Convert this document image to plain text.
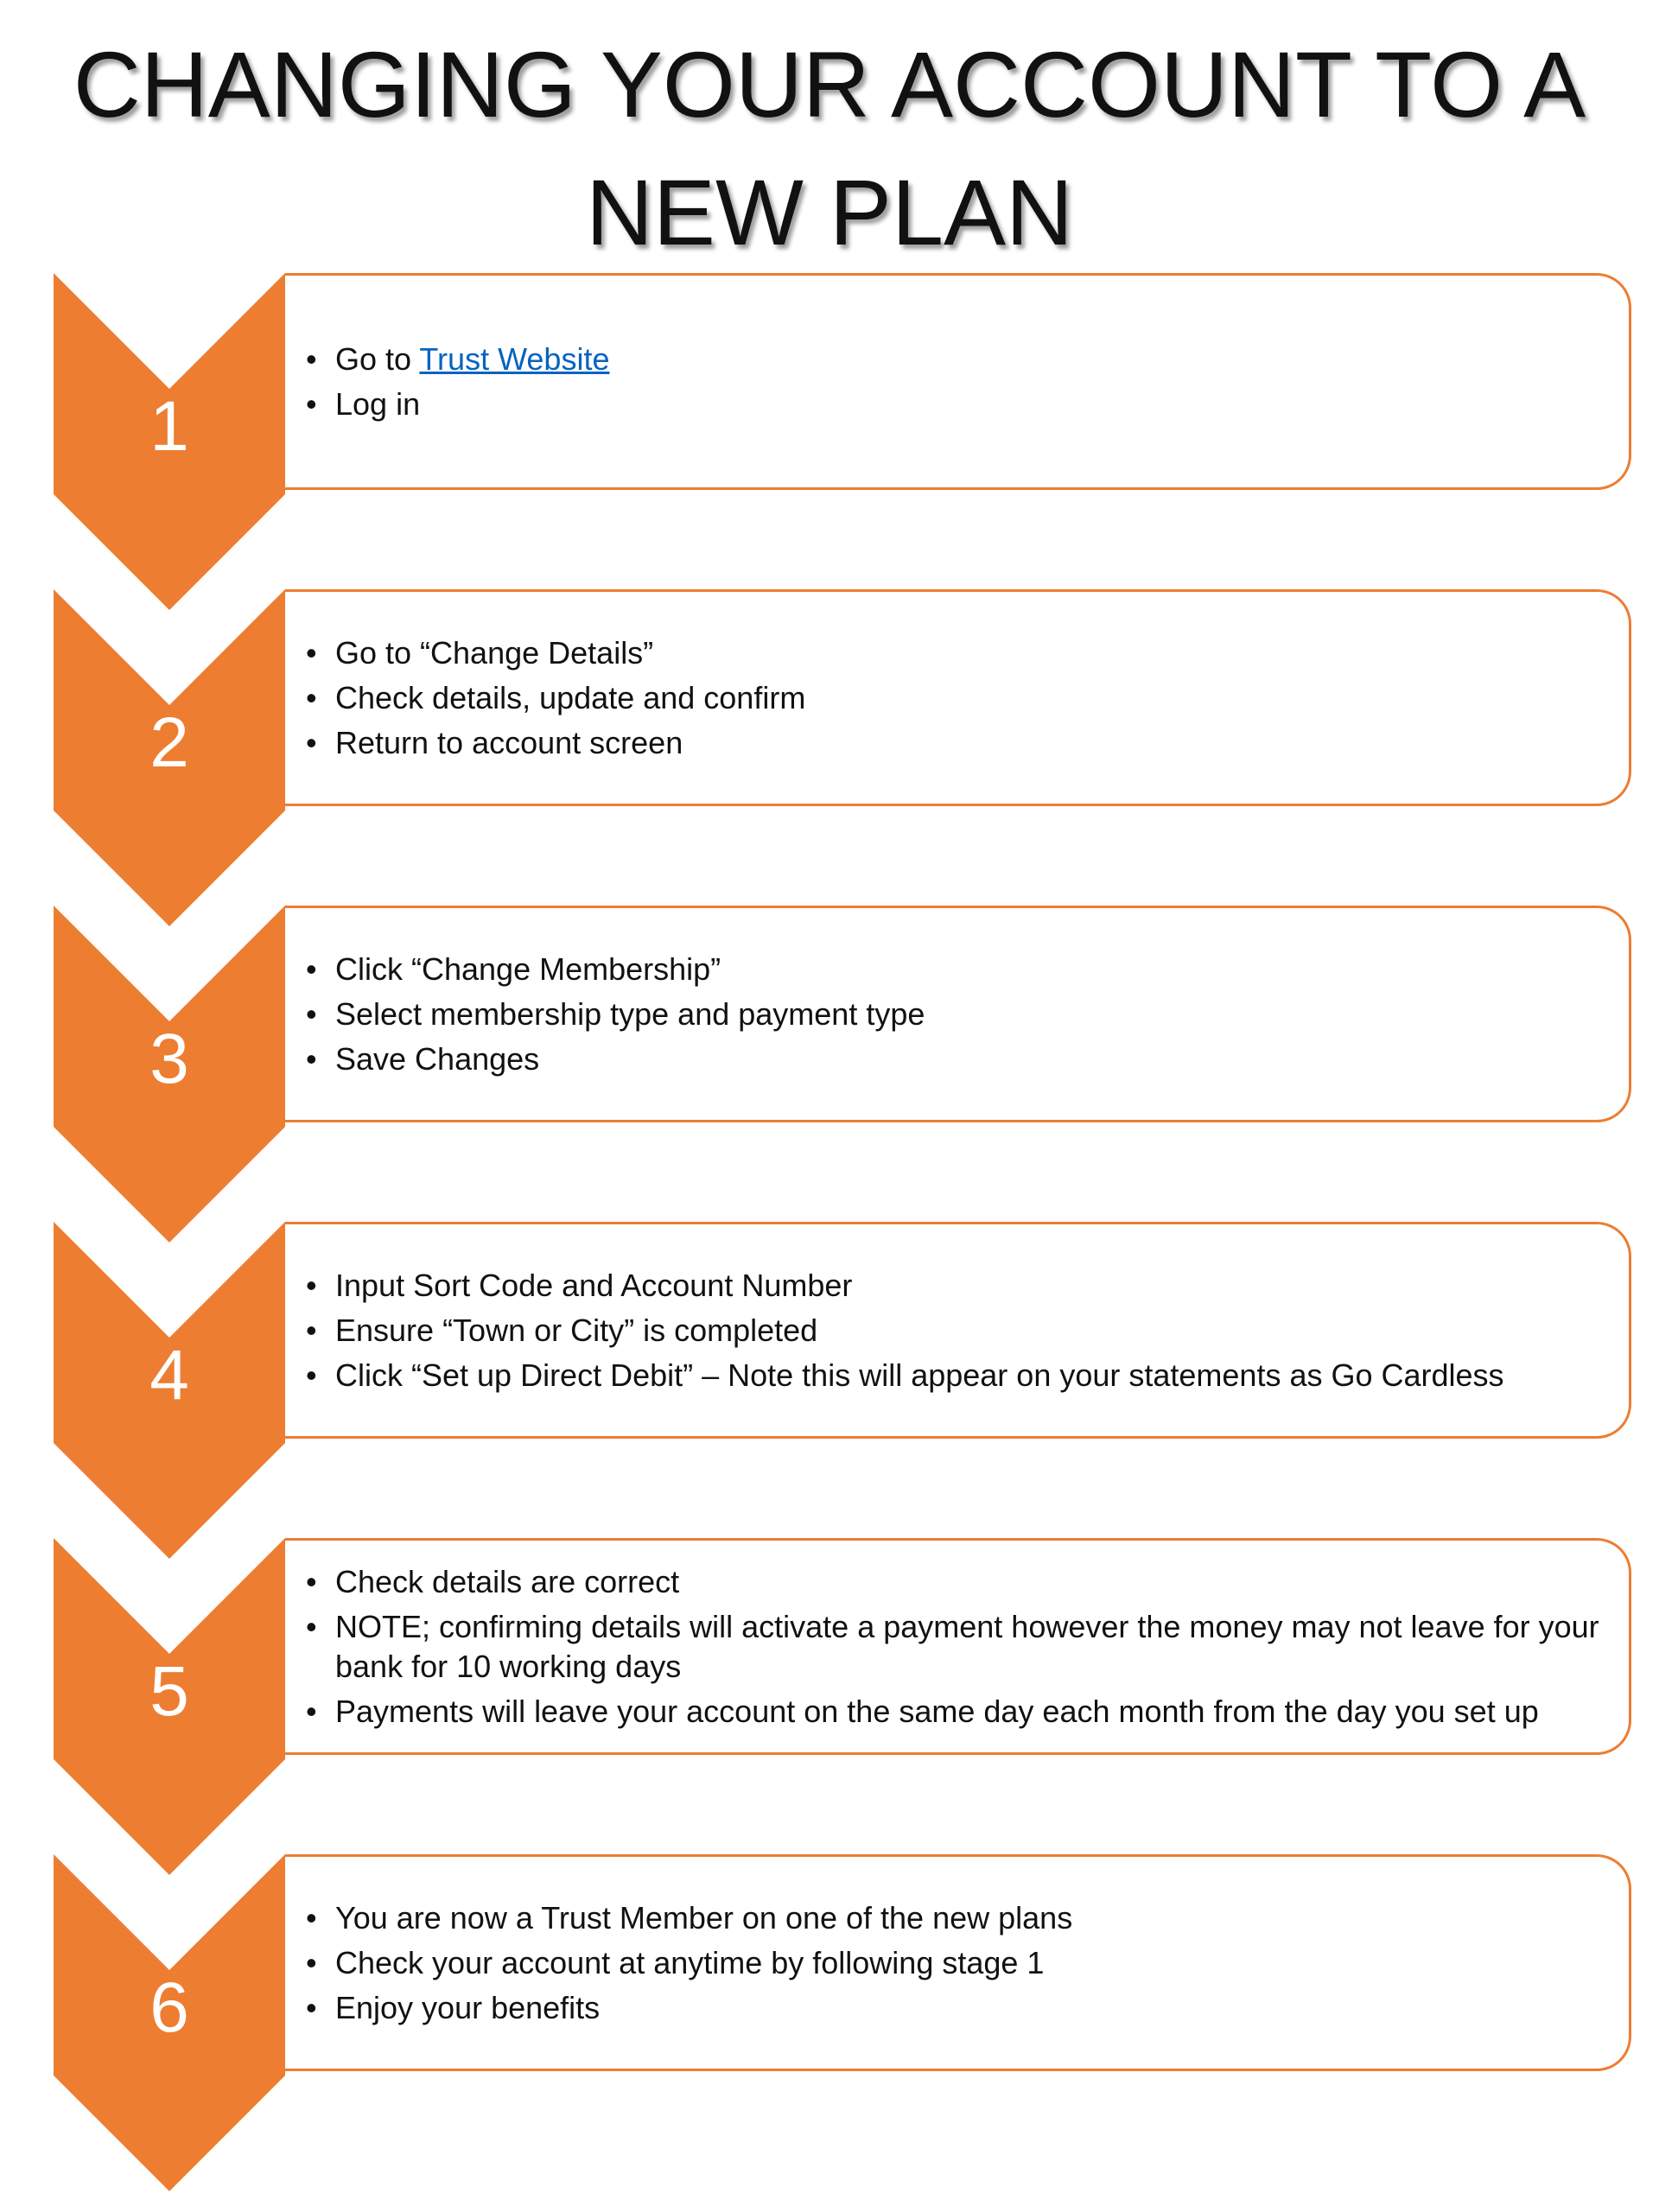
CHANGING YOUR ACCOUNT TO A NEW PLAN
1
• Go to Trust Website
• Log in
2
• Go to “Change Details”
• Check details, update and confirm
• Return to account screen
3
• Click “Change Membership”
• Select membership type and payment type
• Save Changes
4
• Input Sort Code and Account Number
• Ensure “Town or City” is completed
• Click “Set up Direct Debit” – Note this will appear on your statements as Go Cardless
5
• Check details are correct
• NOTE; confirming details will activate a payment however the money may not leave for your bank for 10 working days
• Payments will leave your account on the same day each month from the day you set up
6
• You are now a Trust Member on one of the new plans
• Check your account at anytime by following stage 1
• Enjoy your benefits
